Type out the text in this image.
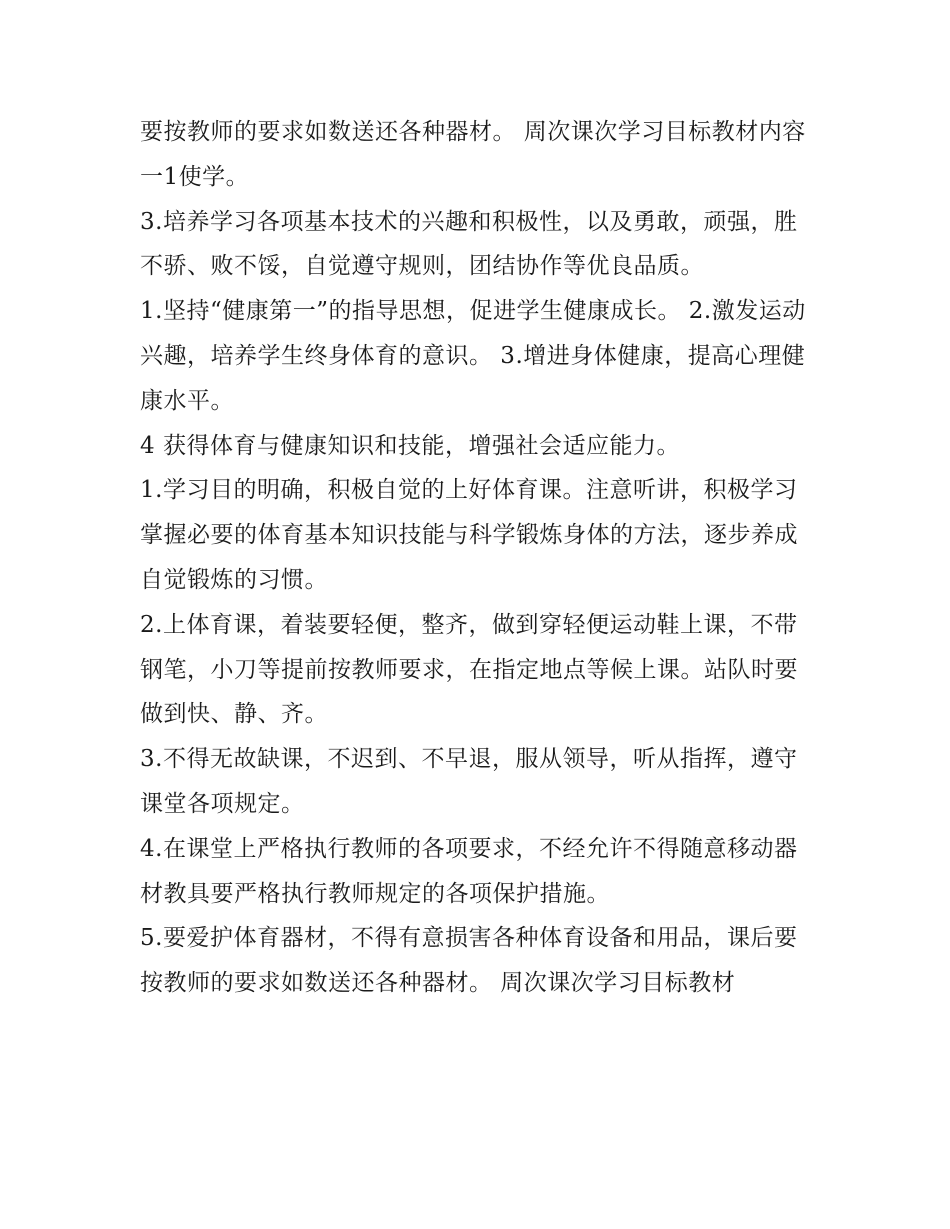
要按教师的要求如数送还各种器材。 周次课次学习目标教材内容 一1使学。

3.培养学习各项基本技术的兴趣和积极性，以及勇敢，顽强，胜不骄、败不馁，自觉遵守规则，团结协作等优良品质。

1.坚持“健康第一”的指导思想，促进学生健康成长。 2.激发运动兴趣，培养学生终身体育的意识。 3.增进身体健康，提高心理健康水平。

4 获得体育与健康知识和技能，增强社会适应能力。

1.学习目的明确，积极自觉的上好体育课。注意听讲，积极学习掌握必要的体育基本知识技能与科学锻炼身体的方法，逐步养成自觉锻炼的习惯。

2.上体育课，着装要轻便，整齐，做到穿轻便运动鞋上课，不带钢笔，小刀等提前按教师要求，在指定地点等候上课。站队时要做到快、静、齐。

3.不得无故缺课，不迟到、不早退，服从领导，听从指挥，遵守课堂各项规定。

4.在课堂上严格执行教师的各项要求，不经允许不得随意移动器材教具要严格执行教师规定的各项保护措施。

5.要爱护体育器材，不得有意损害各种体育设备和用品，课后要按教师的要求如数送还各种器材。 周次课次学习目标教材
